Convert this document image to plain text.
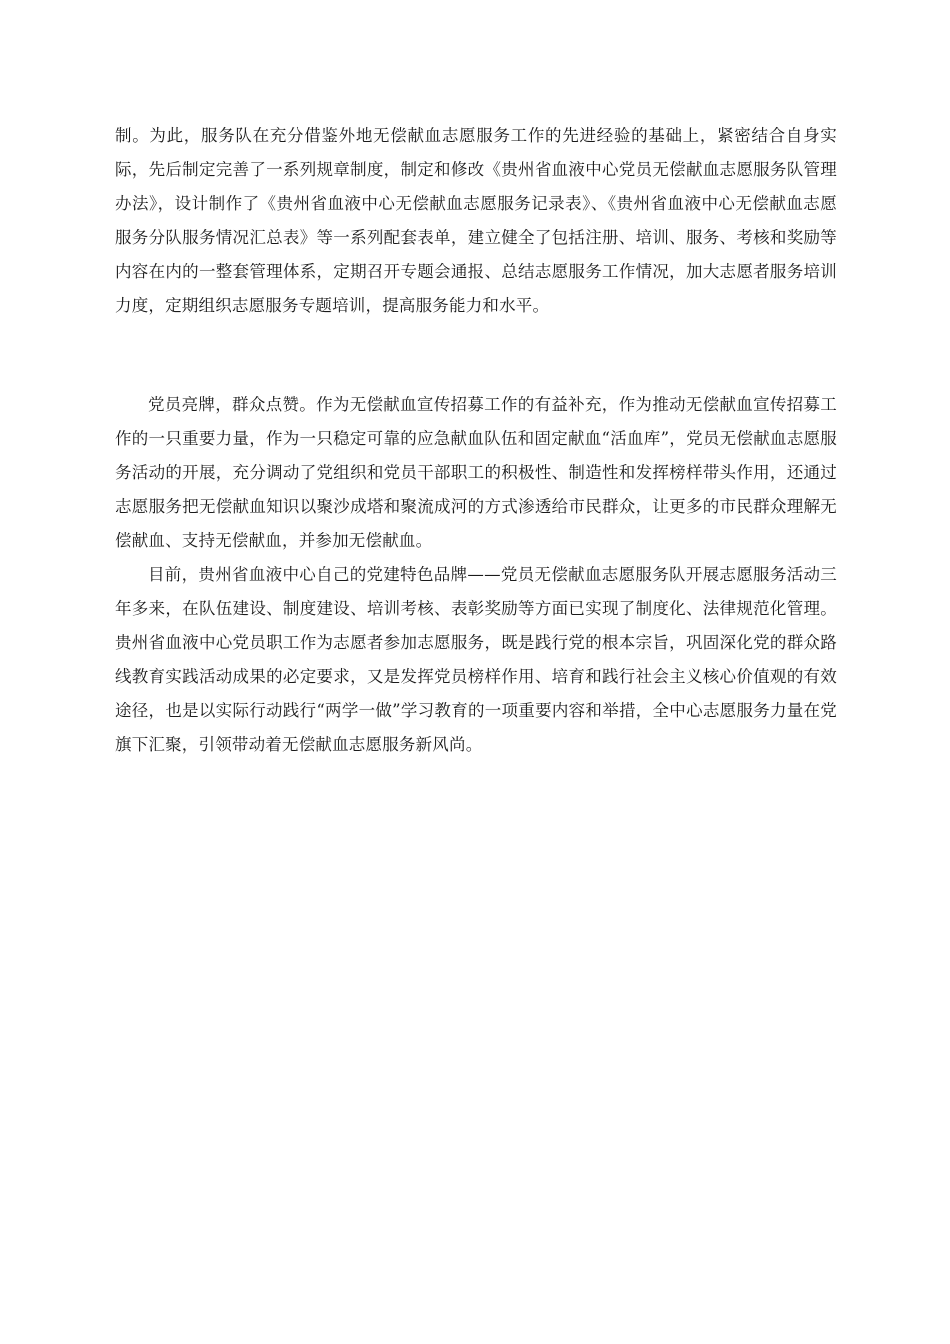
制。为此，服务队在充分借鉴外地无偿献血志愿服务工作的先进经验的基础上，紧密结合自身实际，先后制定完善了一系列规章制度，制定和修改《贵州省血液中心党员无偿献血志愿服务队管理办法》，设计制作了《贵州省血液中心无偿献血志愿服务记录表》、《贵州省血液中心无偿献血志愿服务分队服务情况汇总表》等一系列配套表单，建立健全了包括注册、培训、服务、考核和奖励等内容在内的一整套管理体系，定期召开专题会通报、总结志愿服务工作情况，加大志愿者服务培训力度，定期组织志愿服务专题培训，提高服务能力和水平。

党员亮牌，群众点赞。作为无偿献血宣传招募工作的有益补充，作为推动无偿献血宣传招募工作的一只重要力量，作为一只稳定可靠的应急献血队伍和固定献血“活血库”，党员无偿献血志愿服务活动的开展，充分调动了党组织和党员干部职工的积极性、制造性和发挥榜样带头作用，还通过志愿服务把无偿献血知识以聚沙成塔和聚流成河的方式渗透给市民群众，让更多的市民群众理解无偿献血、支持无偿献血，并参加无偿献血。

目前，贵州省血液中心自己的党建特色品牌——党员无偿献血志愿服务队开展志愿服务活动三年多来，在队伍建设、制度建设、培训考核、表彰奖励等方面已实现了制度化、法律规范化管理。贵州省血液中心党员职工作为志愿者参加志愿服务，既是践行党的根本宗旨，巩固深化党的群众路线教育实践活动成果的必定要求，又是发挥党员榜样作用、培育和践行社会主义核心价值观的有效途径，也是以实际行动践行“两学一做”学习教育的一项重要内容和举措，全中心志愿服务力量在党旗下汇聚，引领带动着无偿献血志愿服务新风尚。
